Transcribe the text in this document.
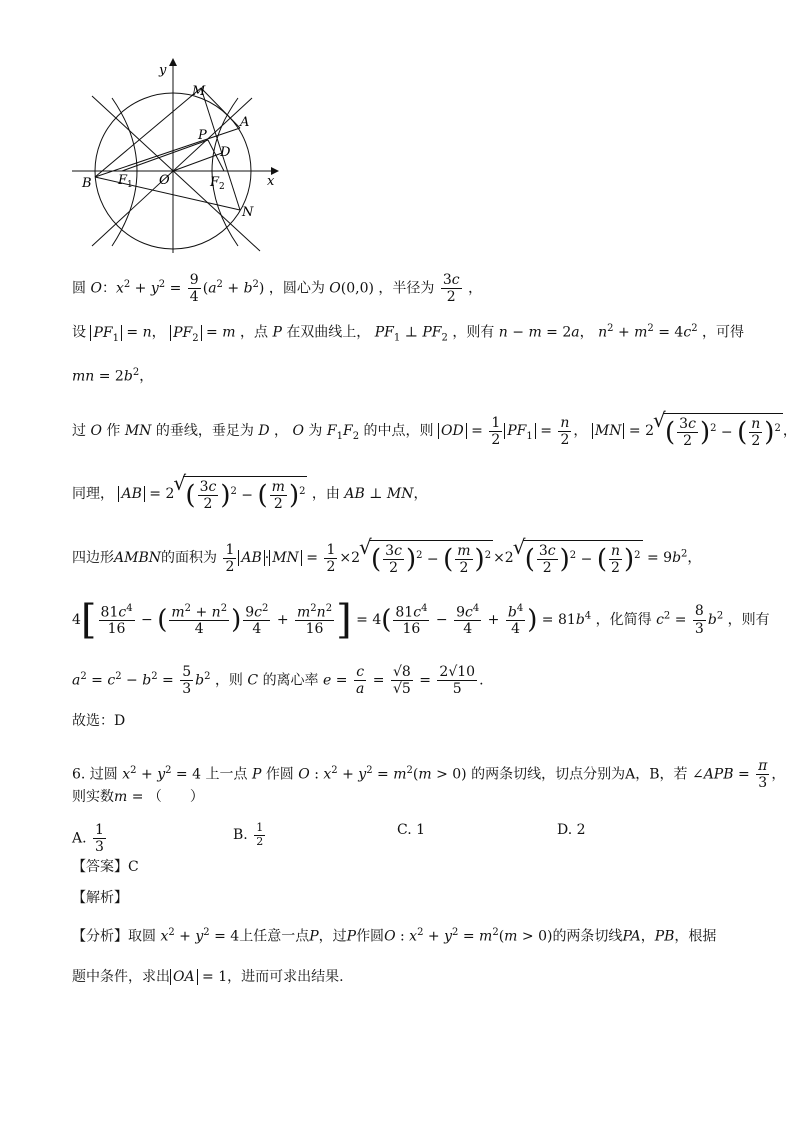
y
x
M
A
P
D
B $F_1$ O	$F_2$
N
圆 O：$x^2 + y^2 = \frac{9}{4} (a^2 + b^2)$ ，圆心为 O(0,0) ，半径为 $\frac{3c}{2}$ ，
设 $PF_1 = n$， $PF_2 = m$ ，点 P 在双曲线上， $PF_1$ ⊥ $PF_2$ ，则有 n − m = 2a， $n^2 + m^2 = 4c^2$ ，可得
mn = $2b^2$，
过 O 作 MN 的垂线，垂足为 D ， O 为 $F_1F_2$ 的中点，则 OD = $\frac{1}{2} PF_1 = \frac{n}{2}$ ， MN = 2√ ( $\frac{3c}{2} )^2$ − ( $\frac{n}{2} )^2$ ，
同理， AB = 2√ ( $\frac{3c}{2} )^2$ − ( $\frac{m}{2} )^2$ ，由 AB ⊥ MN，
四边形AMBN的面积为 $\frac{1}{2}$ AB · MN = $\frac{1}{2} \times 2√$ ( $\frac{3c}{2} )^2$ − ( $\frac{m}{2} )^2 \times 2√$ ( $\frac{3c}{2} )^2$ − ( $\frac{n}{2} )^2 = 9b^2$，
$4[ \frac{81c^4}{16}$ − ( $\frac{m^2 + n^2}{4}$ ) $\frac{9c^2}{4} + \frac{m^2n^2}{16}$ ] = $4( \frac{81c^4}{16} - \frac{9c^4}{4} + \frac{b^4}{4}$ ) = $81b^4$ ，化简得 $c^2 = \frac{8}{3} b^2$ ，则有
$a^2 = c^2 - b^2 = \frac{5}{3} b^2$ ，则 C 的离心率 $e = \frac{c}{a} = \frac{√8}{√5} = \frac{2√10}{5}$ .
故选：D
6. 过圆 $x^2 + y^2 = 4$ 上一点 P 作圆 O : $x^2 + y^2 = m^2(m > 0)$ 的两条切线，切点分别为A，B，若 ∠APB = $\frac{\pi}{3}$ ，
则实数m = （　　）
A. $\frac{1}{3}$	B. $\frac{1}{2}$	C. 1	D. 2
【答案】C
【解析】
【分析】取圆 $x^2 + y^2 = 4$上任意一点P，过P作圆O : $x^2 + y^2 = m^2(m > 0)$的两条切线PA，PB，根据
题中条件，求出 OA = 1，进而可求出结果.
